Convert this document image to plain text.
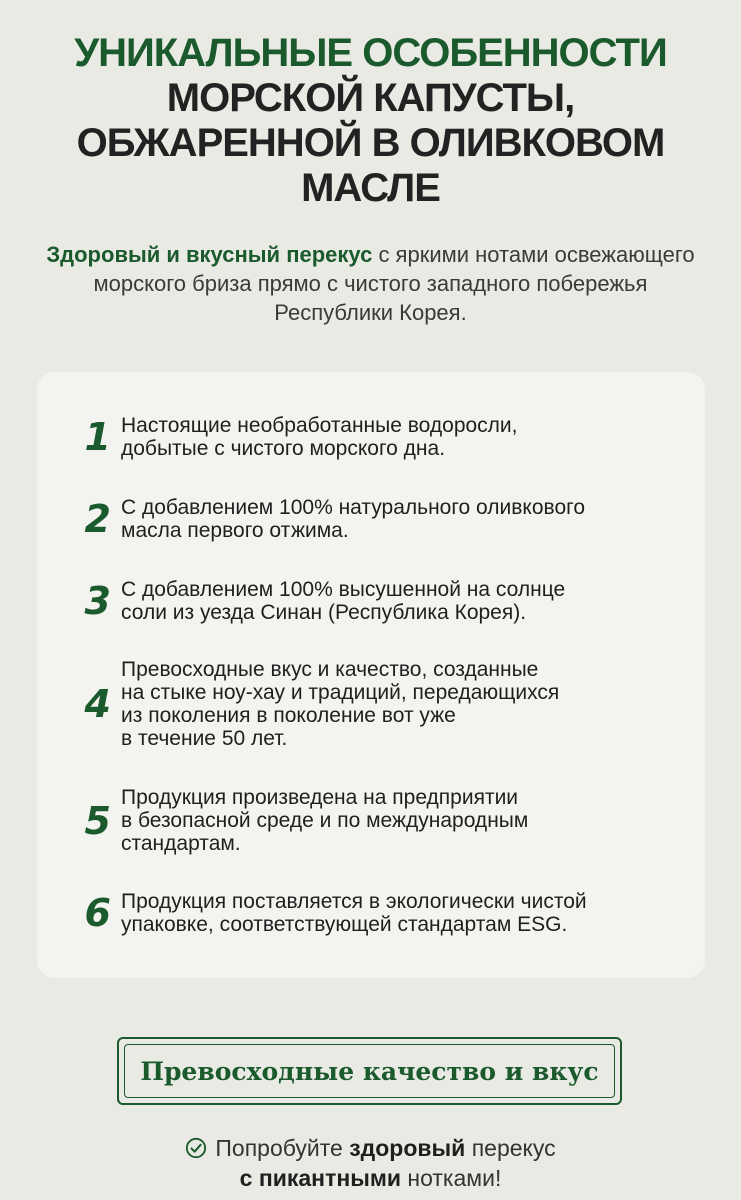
УНИКАЛЬНЫЕ ОСОБЕННОСТИ

МОРСКОЙ КАПУСТЫ,

ОБЖАРЕННОЙ В ОЛИВКОВОМ

МАСЛЕ

Здоровый и вкусный перекус с яркими нотами освежающего морского бриза прямо с чистого западного побережья Республики Корея.
1 Настоящие необработанные водоросли,
добытые с чистого морского дна.
2 С добавлением 100% натурального оливкового
масла первого отжима.
3 С добавлением 100% высушенной на солнце
соли из уезда Синан (Республика Корея).
4
Превосходные вкус и качество, созданные
на стыке ноу-хау и традиций, передающихся
из поколения в поколение вот уже
в течение 50 лет.
5
Продукция произведена на предприятии
в безопасной среде и по международным
стандартам.
6 Продукция поставляется в экологически чистой
упаковке, соответствующей стандартам ESG.
Превосходные качество и вкус
Попробуйте здоровый перекус
с пикантными нотками!
